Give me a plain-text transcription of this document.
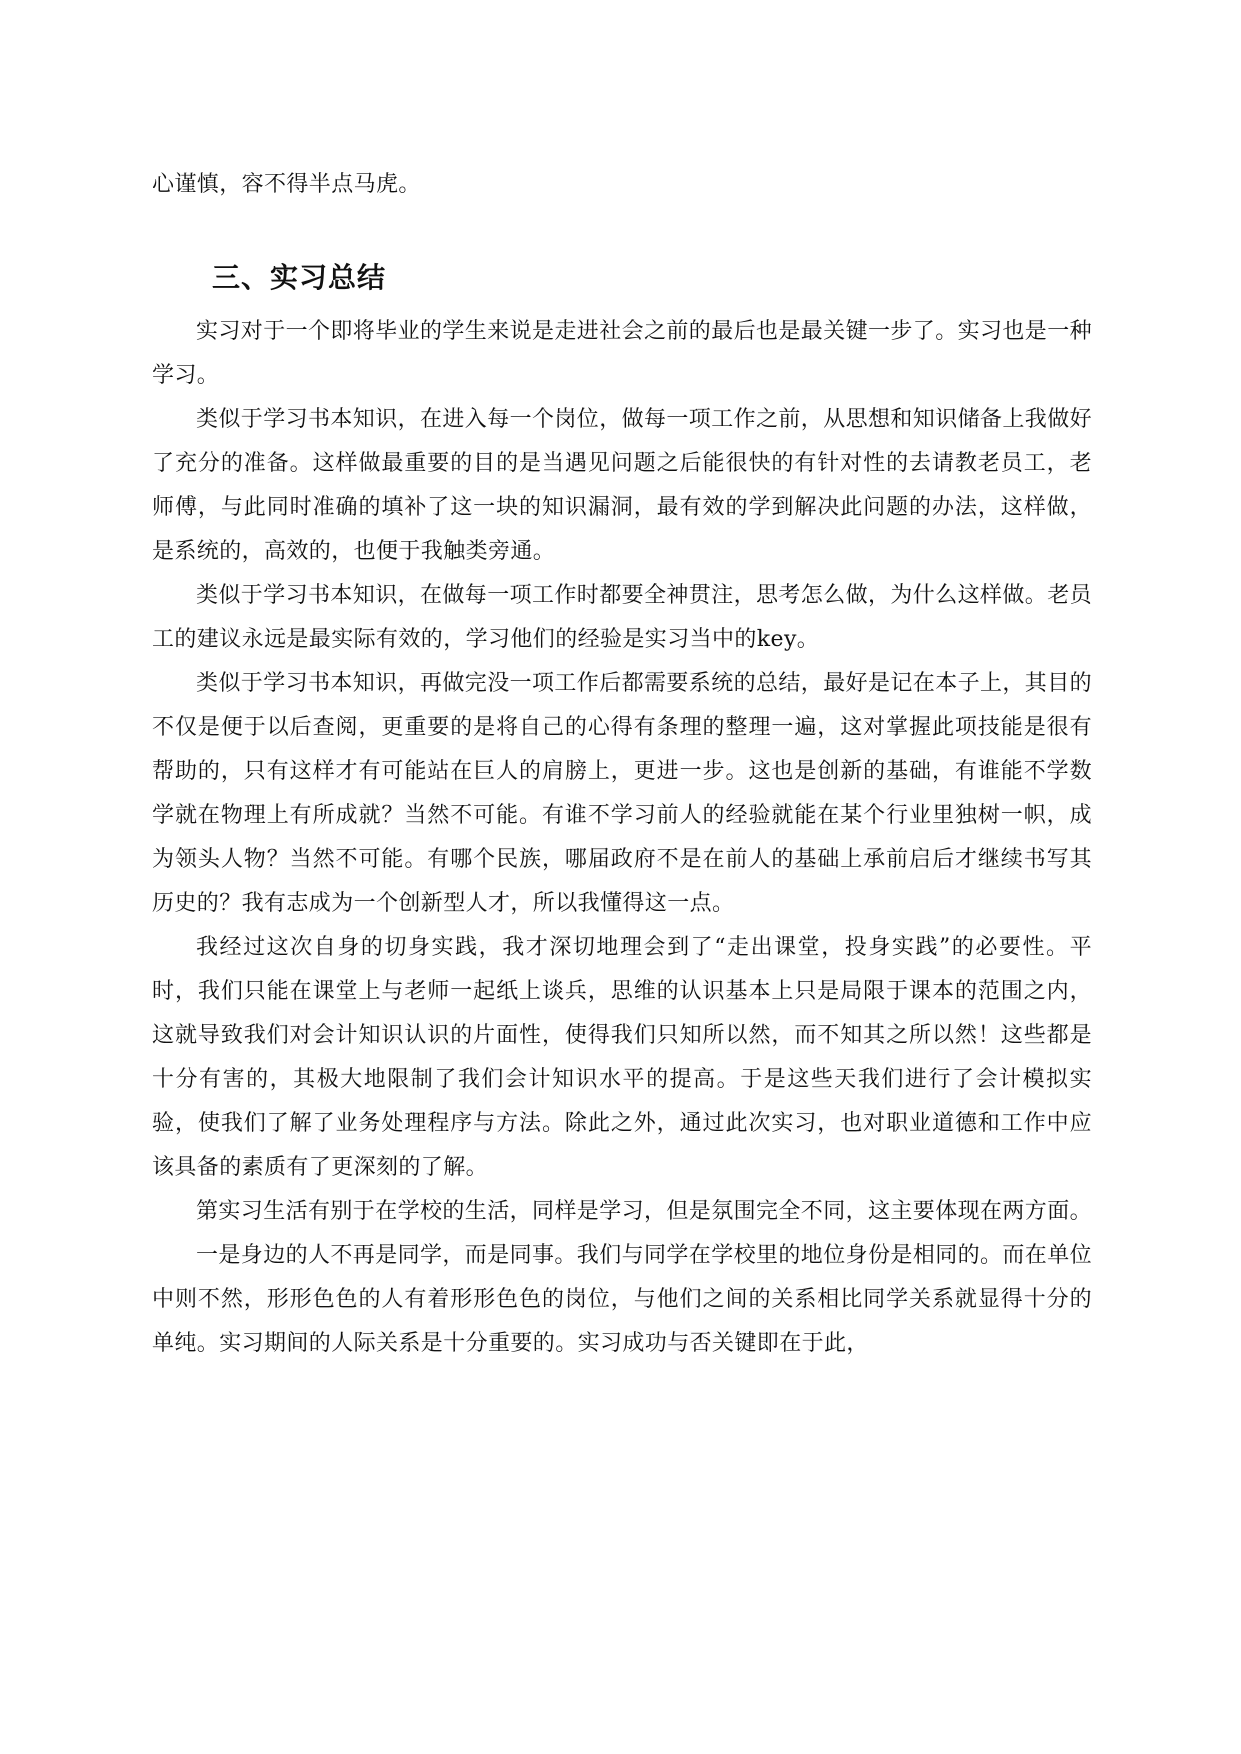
心谨慎，容不得半点马虎。

三、实习总结

实习对于一个即将毕业的学生来说是走进社会之前的最后也是最关键一步了。实习也是一种学习。

类似于学习书本知识，在进入每一个岗位，做每一项工作之前，从思想和知识储备上我做好了充分的准备。这样做最重要的目的是当遇见问题之后能很快的有针对性的去请教老员工，老师傅，与此同时准确的填补了这一块的知识漏洞，最有效的学到解决此问题的办法，这样做，是系统的，高效的，也便于我触类旁通。

类似于学习书本知识，在做每一项工作时都要全神贯注，思考怎么做，为什么这样做。老员工的建议永远是最实际有效的，学习他们的经验是实习当中的key。

类似于学习书本知识，再做完没一项工作后都需要系统的总结，最好是记在本子上，其目的不仅是便于以后查阅，更重要的是将自己的心得有条理的整理一遍，这对掌握此项技能是很有帮助的，只有这样才有可能站在巨人的肩膀上，更进一步。这也是创新的基础，有谁能不学数学就在物理上有所成就？当然不可能。有谁不学习前人的经验就能在某个行业里独树一帜，成为领头人物？当然不可能。有哪个民族，哪届政府不是在前人的基础上承前启后才继续书写其历史的？我有志成为一个创新型人才，所以我懂得这一点。

我经过这次自身的切身实践，我才深切地理会到了“走出课堂，投身实践”的必要性。平时，我们只能在课堂上与老师一起纸上谈兵，思维的认识基本上只是局限于课本的范围之内，这就导致我们对会计知识认识的片面性，使得我们只知所以然，而不知其之所以然！这些都是十分有害的，其极大地限制了我们会计知识水平的提高。于是这些天我们进行了会计模拟实验，使我们了解了业务处理程序与方法。除此之外，通过此次实习，也对职业道德和工作中应该具备的素质有了更深刻的了解。

第实习生活有别于在学校的生活，同样是学习，但是氛围完全不同，这主要体现在两方面。

一是身边的人不再是同学，而是同事。我们与同学在学校里的地位身份是相同的。而在单位中则不然，形形色色的人有着形形色色的岗位，与他们之间的关系相比同学关系就显得十分的单纯。实习期间的人际关系是十分重要的。实习成功与否关键即在于此，
